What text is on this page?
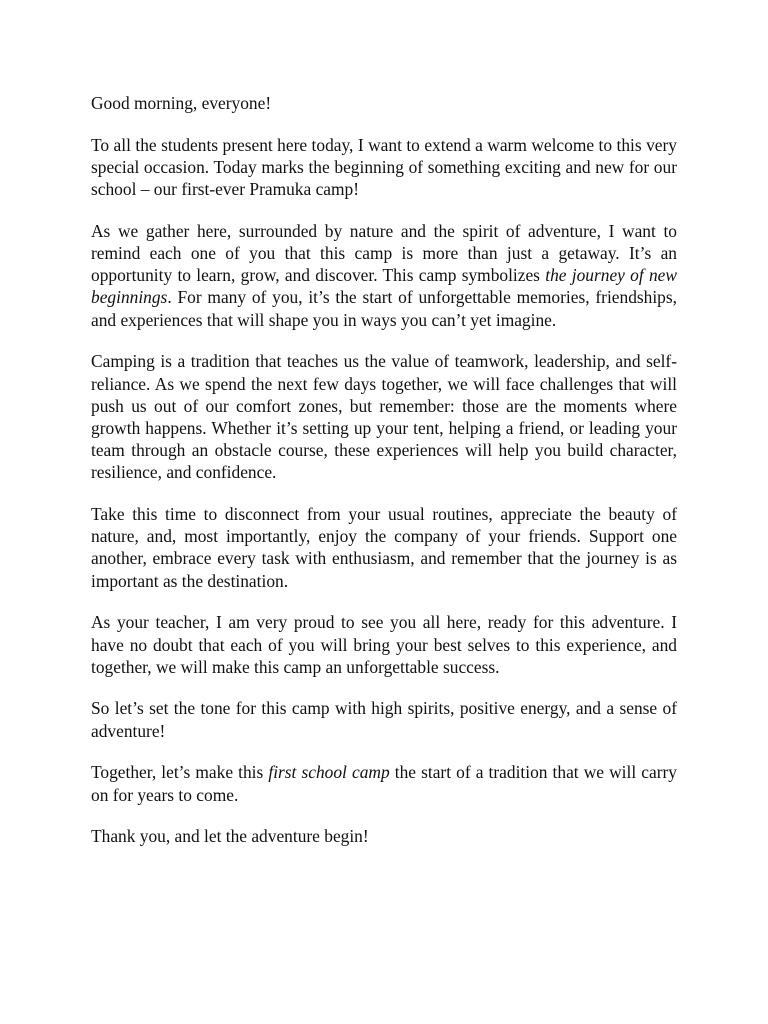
Good morning, everyone!

To all the students present here today, I want to extend a warm welcome to this very special occasion. Today marks the beginning of something exciting and new for our school – our first-ever Pramuka camp!

As we gather here, surrounded by nature and the spirit of adventure, I want to remind each one of you that this camp is more than just a getaway. It’s an opportunity to learn, grow, and discover. This camp symbolizes the journey of new beginnings. For many of you, it’s the start of unforgettable memories, friendships, and experiences that will shape you in ways you can’t yet imagine.

Camping is a tradition that teaches us the value of teamwork, leadership, and self-reliance. As we spend the next few days together, we will face challenges that will push us out of our comfort zones, but remember: those are the moments where growth happens. Whether it’s setting up your tent, helping a friend, or leading your team through an obstacle course, these experiences will help you build character, resilience, and confidence.

Take this time to disconnect from your usual routines, appreciate the beauty of nature, and, most importantly, enjoy the company of your friends. Support one another, embrace every task with enthusiasm, and remember that the journey is as important as the destination.

As your teacher, I am very proud to see you all here, ready for this adventure. I have no doubt that each of you will bring your best selves to this experience, and together, we will make this camp an unforgettable success.

So let’s set the tone for this camp with high spirits, positive energy, and a sense of adventure!

Together, let’s make this first school camp the start of a tradition that we will carry on for years to come.

Thank you, and let the adventure begin!
